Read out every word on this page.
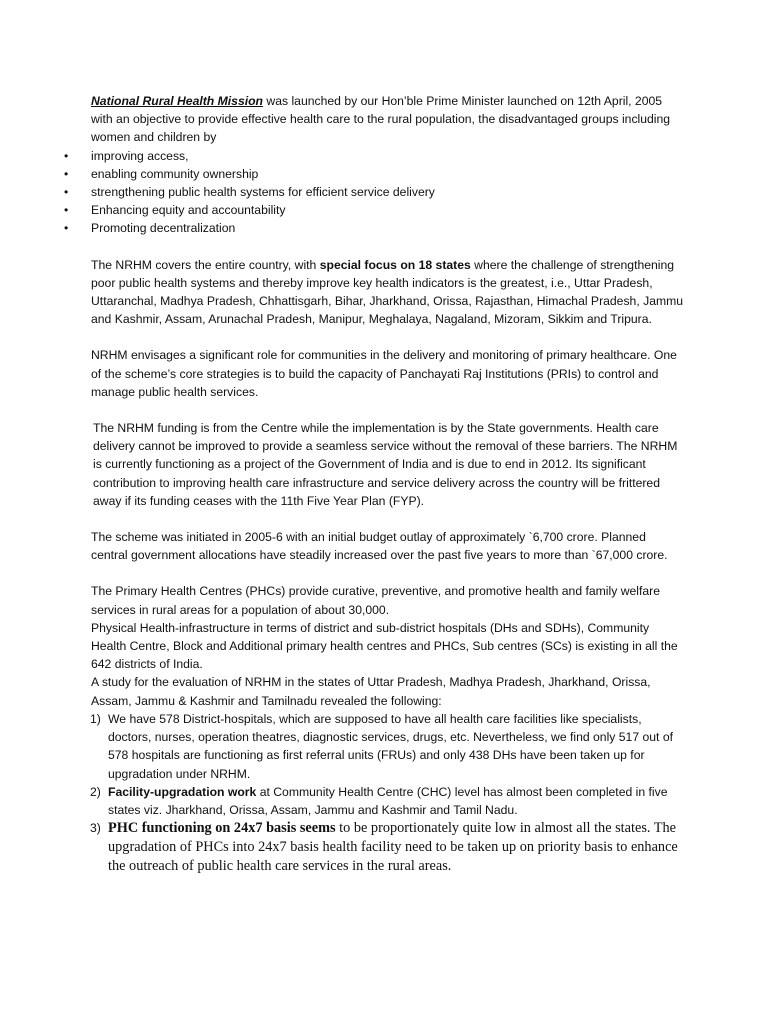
National Rural Health Mission was launched by our Hon’ble Prime Minister launched on 12th April, 2005 with an objective to provide effective health care to the rural population, the disadvantaged groups including women and children by

• improving access,
• enabling community ownership
• strengthening public health systems for efficient service delivery
• Enhancing equity and accountability
• Promoting decentralization

The NRHM covers the entire country, with special focus on 18 states where the challenge of strengthening poor public health systems and thereby improve key health indicators is the greatest, i.e., Uttar Pradesh, Uttaranchal, Madhya Pradesh, Chhattisgarh, Bihar, Jharkhand, Orissa, Rajasthan, Himachal Pradesh, Jammu and Kashmir, Assam, Arunachal Pradesh, Manipur, Meghalaya, Nagaland, Mizoram, Sikkim and Tripura.

NRHM envisages a significant role for communities in the delivery and monitoring of primary healthcare. One of the scheme’s core strategies is to build the capacity of Panchayati Raj Institutions (PRIs) to control and manage public health services.

The NRHM funding is from the Centre while the implementation is by the State governments. Health care delivery cannot be improved to provide a seamless service without the removal of these barriers. The NRHM is currently functioning as a project of the Government of India and is due to end in 2012. Its significant contribution to improving health care infrastructure and service delivery across the country will be frittered away if its funding ceases with the 11th Five Year Plan (FYP).

The scheme was initiated in 2005-6 with an initial budget outlay of approximately `6,700 crore. Planned central government allocations have steadily increased over the past five years to more than `67,000 crore.

The Primary Health Centres (PHCs) provide curative, preventive, and promotive health and family welfare services in rural areas for a population of about 30,000.

Physical Health-infrastructure in terms of district and sub-district hospitals (DHs and SDHs), Community Health Centre, Block and Additional primary health centres and PHCs, Sub centres (SCs) is existing in all the 642 districts of India.

A study for the evaluation of NRHM in the states of Uttar Pradesh, Madhya Pradesh, Jharkhand, Orissa, Assam, Jammu & Kashmir and Tamilnadu revealed the following:

1) We have 578 District-hospitals, which are supposed to have all health care facilities like specialists, doctors, nurses, operation theatres, diagnostic services, drugs, etc. Nevertheless, we find only 517 out of 578 hospitals are functioning as first referral units (FRUs) and only 438 DHs have been taken up for upgradation under NRHM.
2) Facility-upgradation work at Community Health Centre (CHC) level has almost been completed in five states viz. Jharkhand, Orissa, Assam, Jammu and Kashmir and Tamil Nadu.
3) PHC functioning on 24x7 basis seems to be proportionately quite low in almost all the states. The upgradation of PHCs into 24x7 basis health facility need to be taken up on priority basis to enhance the outreach of public health care services in the rural areas.
